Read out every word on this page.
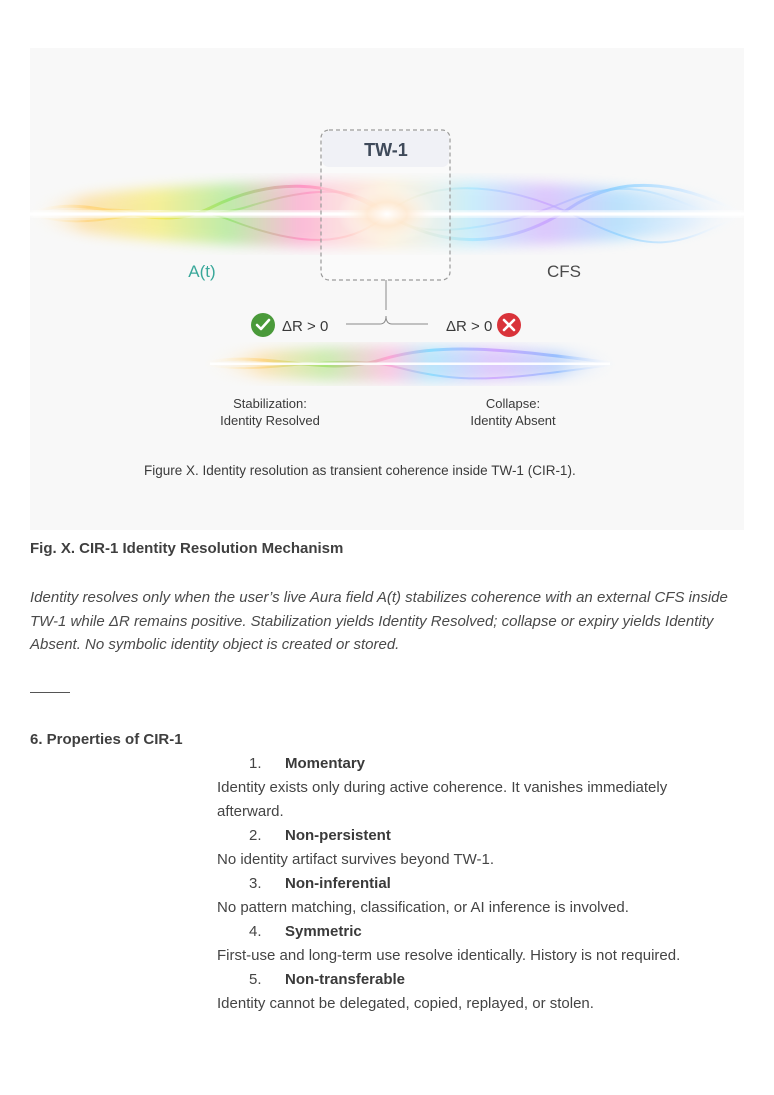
TW-1
A(t)	CFS
ΔR > 0	ΔR > 0
Stabilization:
Identity Resolved
Collapse:
Identity Absent
Figure X. Identity resolution as transient coherence inside TW-1 (CIR-1).
Fig. X. CIR-1 Identity Resolution Mechanism
Identity resolves only when the user’s live Aura field A(t) stabilizes coherence with an external CFS inside TW-1 while ΔR remains positive. Stabilization yields Identity Resolved; collapse or expiry yields Identity Absent. No symbolic identity object is created or stored.
6. Properties of CIR-1
1. Momentary
Identity exists only during active coherence. It vanishes immediately afterward.
2. Non-persistent
No identity artifact survives beyond TW-1.
3. Non-inferential
No pattern matching, classification, or AI inference is involved.
4. Symmetric
First-use and long-term use resolve identically. History is not required.
5. Non-transferable
Identity cannot be delegated, copied, replayed, or stolen.
